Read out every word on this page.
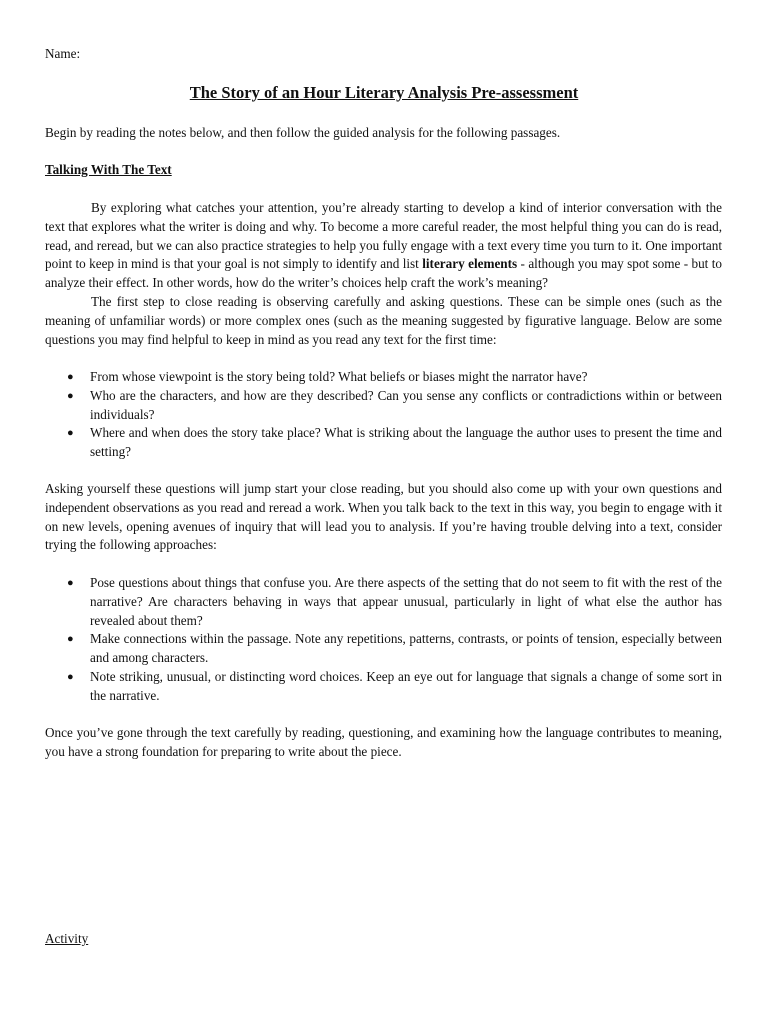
Name:
The Story of an Hour Literary Analysis Pre-assessment
Begin by reading the notes below, and then follow the guided analysis for the following passages.
Talking With The Text
By exploring what catches your attention, you’re already starting to develop a kind of interior conversation with the text that explores what the writer is doing and why. To become a more careful reader, the most helpful thing you can do is read, read, and reread, but we can also practice strategies to help you fully engage with a text every time you turn to it. One important point to keep in mind is that your goal is not simply to identify and list literary elements - although you may spot some - but to analyze their effect. In other words, how do the writer’s choices help craft the work’s meaning?
The first step to close reading is observing carefully and asking questions. These can be simple ones (such as the meaning of unfamiliar words) or more complex ones (such as the meaning suggested by figurative language. Below are some questions you may find helpful to keep in mind as you read any text for the first time:
● From whose viewpoint is the story being told? What beliefs or biases might the narrator have?
● Who are the characters, and how are they described? Can you sense any conflicts or contradictions within or between individuals?
● Where and when does the story take place? What is striking about the language the author uses to present the time and setting?
Asking yourself these questions will jump start your close reading, but you should also come up with your own questions and independent observations as you read and reread a work. When you talk back to the text in this way, you begin to engage with it on new levels, opening avenues of inquiry that will lead you to analysis. If you’re having trouble delving into a text, consider trying the following approaches:
● Pose questions about things that confuse you. Are there aspects of the setting that do not seem to fit with the rest of the narrative? Are characters behaving in ways that appear unusual, particularly in light of what else the author has revealed about them?
● Make connections within the passage. Note any repetitions, patterns, contrasts, or points of tension, especially between and among characters.
● Note striking, unusual, or distincting word choices. Keep an eye out for language that signals a change of some sort in the narrative.
Once you’ve gone through the text carefully by reading, questioning, and examining how the language contributes to meaning, you have a strong foundation for preparing to write about the piece.
Activity
